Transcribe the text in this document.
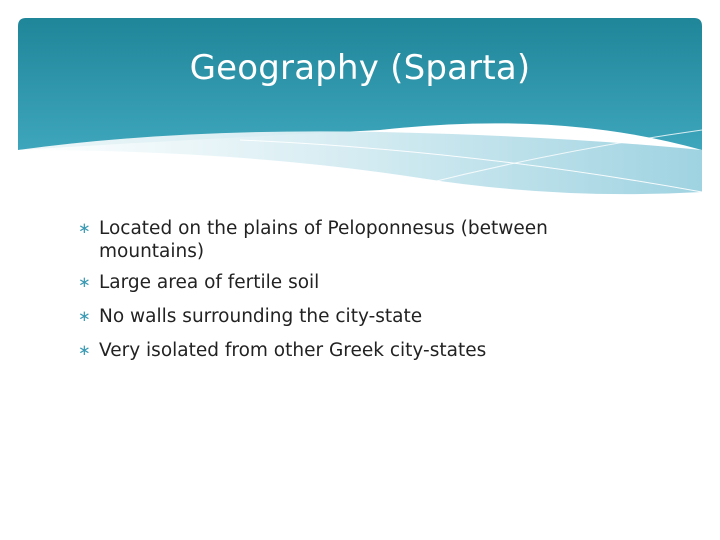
Geography (Sparta)
∗ Located on the plains of Peloponnesus (between mountains)
∗ Large area of fertile soil
∗ No walls surrounding the city-state
∗ Very isolated from other Greek city-states
